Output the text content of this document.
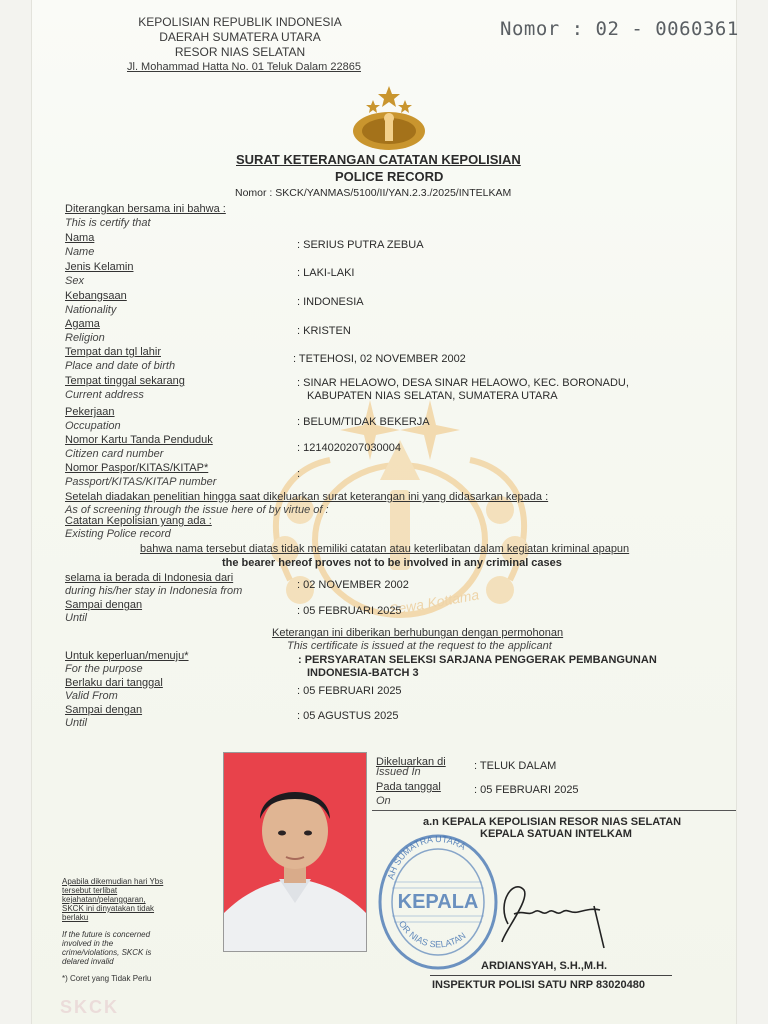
Sewa Kottama
KEPOLISIAN REPUBLIK INDONESIA
DAERAH SUMATERA UTARA
RESOR NIAS SELATAN
Jl. Mohammad Hatta No. 01 Teluk Dalam 22865
Nomor : 02 - 0060361
SURAT KETERANGAN CATATAN KEPOLISIAN
POLICE RECORD
Nomor : SKCK/YANMAS/5100/II/YAN.2.3./2025/INTELKAM
Diterangkan bersama ini bahwa :
This is certify that
Nama
Name
: SERIUS PUTRA ZEBUA
Jenis Kelamin
Sex
: LAKI-LAKI
Kebangsaan
Nationality
: INDONESIA
Agama
Religion
: KRISTEN
Tempat dan tgl lahir
Place and date of birth
: TETEHOSI, 02 NOVEMBER 2002
Tempat tinggal sekarang
Current address
: SINAR HELAOWO, DESA SINAR HELAOWO, KEC. BORONADU,
KABUPATEN NIAS SELATAN, SUMATERA UTARA
Pekerjaan
Occupation	: BELUM/TIDAK BEKERJA
Nomor Kartu Tanda Penduduk
Citizen card number	: 1214020207030004
Nomor Paspor/KITAS/KITAP*
Passport/KITAS/KITAP number
:
Setelah diadakan penelitian hingga saat dikeluarkan surat keterangan ini yang didasarkan kepada :
As of screening through the issue here of by virtue of :
Catatan Kepolisian yang ada :
Existing Police record
bahwa nama tersebut diatas tidak memiliki catatan atau keterlibatan dalam kegiatan kriminal apapun
the bearer hereof proves not to be involved in any criminal cases
selama ia berada di Indonesia dari
during his/her stay in Indonesia from	: 02 NOVEMBER 2002
Sampai dengan
Until
: 05 FEBRUARI 2025
Keterangan ini diberikan berhubungan dengan permohonan
This certificate is issued at the request to the applicant
Untuk keperluan/menuju*
For the purpose
: PERSYARATAN SELEKSI SARJANA PENGGERAK PEMBANGUNAN
INDONESIA-BATCH 3
Berlaku dari tanggal
Valid From	: 05 FEBRUARI 2025
Sampai dengan
Until
: 05 AGUSTUS 2025
Dikeluarkan di
Issued In	: TELUK DALAM
Pada tanggal
On
: 05 FEBRUARI 2025
a.n KEPALA KEPOLISIAN RESOR NIAS SELATAN
KEPALA SATUAN INTELKAM
AH SUMATRA UTARA
KEPALA
OR NIAS SELATAN
ARDIANSYAH, S.H.,M.H.
INSPEKTUR POLISI SATU NRP 83020480
Apabila dikemudian hari Ybs
tersebut terlibat
kejahatan/pelanggaran,
SKCK ini dinyatakan tidak
berlaku
If the future is concerned
involved in the
crime/violations, SKCK is
delared invalid
*) Coret yang Tidak Perlu
SKCK
